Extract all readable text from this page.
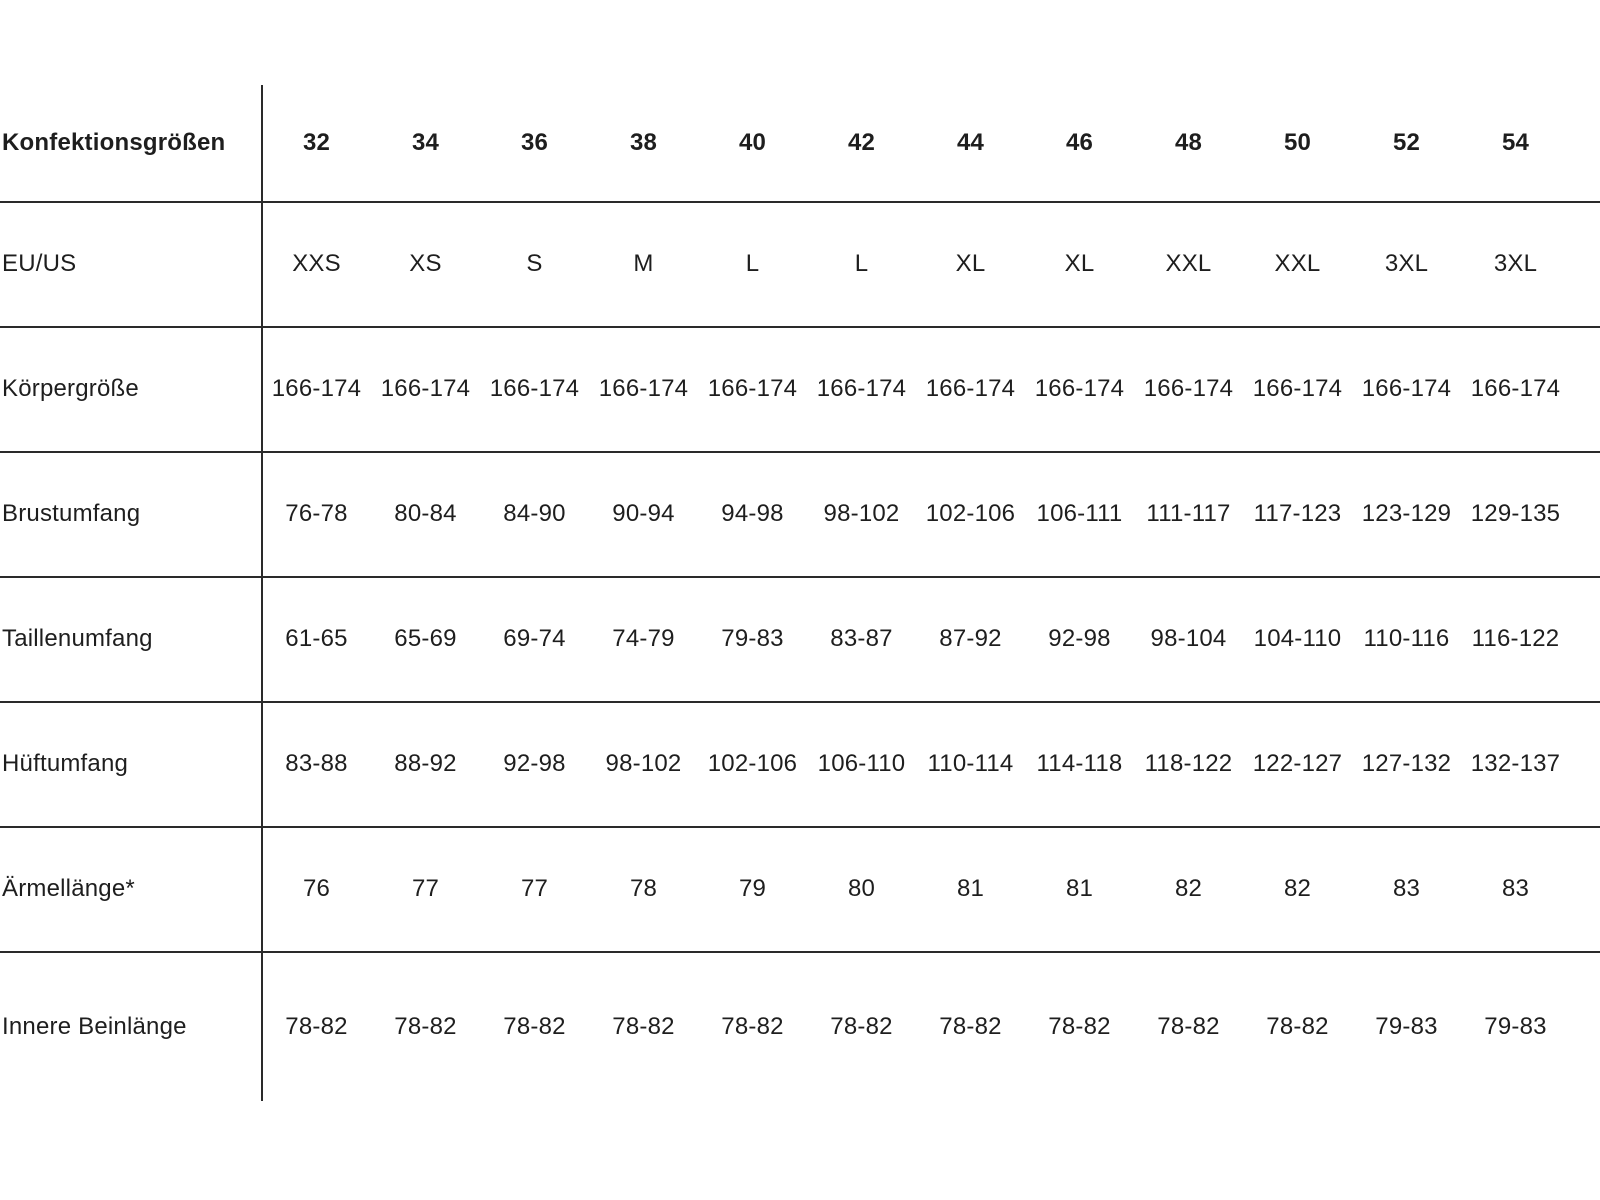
Konfektionsgrößen	32	34	36	38	40	42	44	46	48	50	52	54
EU/US	XXS	XS	S	M	L	L	XL	XL	XXL	XXL	3XL	3XL
Körpergröße	166-174 166-174 166-174 166-174 166-174 166-174 166-174 166-174 166-174 166-174 166-174 166-174
Brustumfang	76-78	80-84	84-90	90-94	94-98	98-102	102-106 106-111 111-117 117-123 123-129 129-135
Taillenumfang	61-65	65-69	69-74	74-79	79-83	83-87	87-92	92-98	98-104	104-110 110-116 116-122
Hüftumfang	83-88	88-92	92-98	98-102	102-106 106-110 110-114 114-118 118-122 122-127 127-132 132-137
Ärmellänge*	76	77	77	78	79	80	81	81	82	82	83	83
Innere Beinlänge	78-82	78-82	78-82	78-82	78-82	78-82	78-82	78-82	78-82	78-82	79-83	79-83
